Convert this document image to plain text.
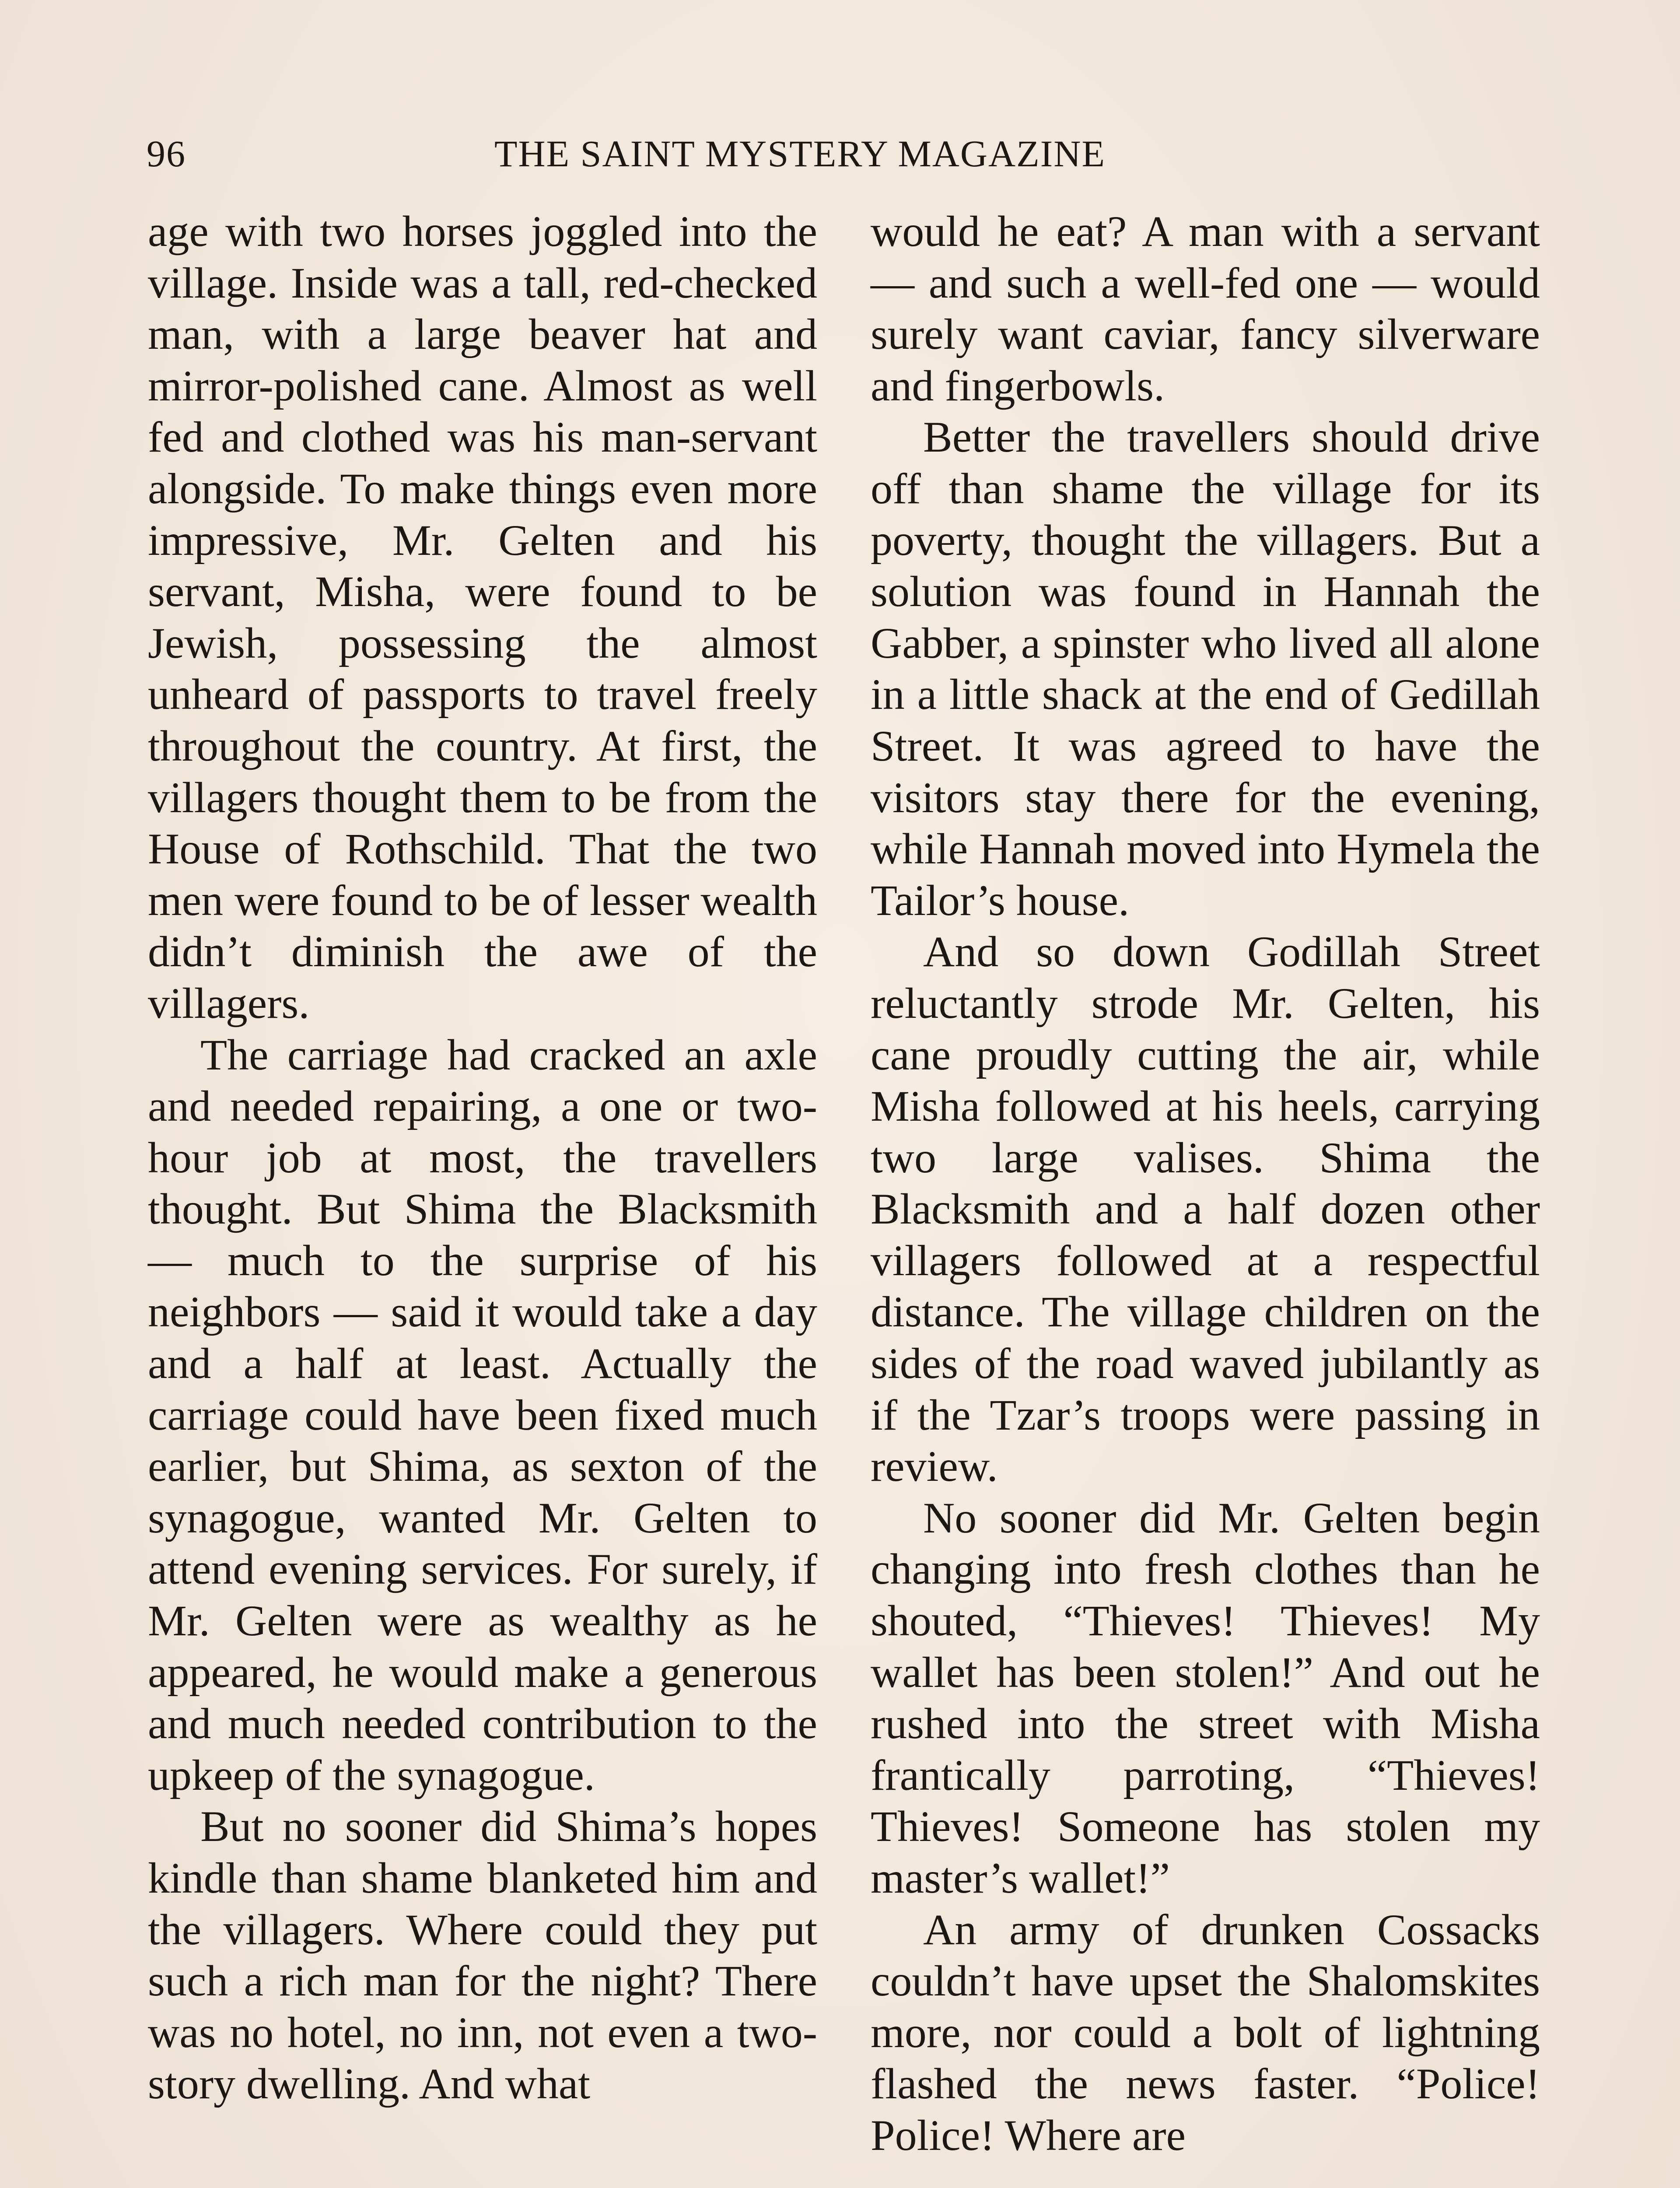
96	THE SAINT MYSTERY MAGAZINE

age with two horses joggled into the village. Inside was a tall, red-checked man, with a large beaver hat and mirror-polished cane. Almost as well fed and clothed was his man-servant alongside. To make things even more impressive, Mr. Gelten and his servant, Misha, were found to be Jewish, possessing the almost unheard of passports to travel freely throughout the country. At first, the villagers thought them to be from the House of Rothschild. That the two men were found to be of lesser wealth didn’t diminish the awe of the villagers.

The carriage had cracked an axle and needed repairing, a one or two-hour job at most, the travellers thought. But Shima the Blacksmith — much to the surprise of his neighbors — said it would take a day and a half at least. Actually the carriage could have been fixed much earlier, but Shima, as sexton of the synagogue, wanted Mr. Gelten to attend evening services. For surely, if Mr. Gelten were as wealthy as he appeared, he would make a generous and much needed contribution to the upkeep of the synagogue.

But no sooner did Shima’s hopes kindle than shame blanketed him and the villagers. Where could they put such a rich man for the night? There was no hotel, no inn, not even a two-story dwelling. And what

would he eat? A man with a servant — and such a well-fed one — would surely want caviar, fancy silverware and fingerbowls.

Better the travellers should drive off than shame the village for its poverty, thought the villagers. But a solution was found in Hannah the Gabber, a spinster who lived all alone in a little shack at the end of Gedillah Street. It was agreed to have the visitors stay there for the evening, while Hannah moved into Hymela the Tailor’s house.

And so down Godillah Street reluctantly strode Mr. Gelten, his cane proudly cutting the air, while Misha followed at his heels, carrying two large valises. Shima the Blacksmith and a half dozen other villagers followed at a respectful distance. The village children on the sides of the road waved jubilantly as if the Tzar’s troops were passing in review.

No sooner did Mr. Gelten begin changing into fresh clothes than he shouted, “Thieves! Thieves! My wallet has been stolen!” And out he rushed into the street with Misha frantically parroting, “Thieves! Thieves! Someone has stolen my master’s wallet!”

An army of drunken Cossacks couldn’t have upset the Shalomskites more, nor could a bolt of lightning flashed the news faster. “Police! Police! Where are
